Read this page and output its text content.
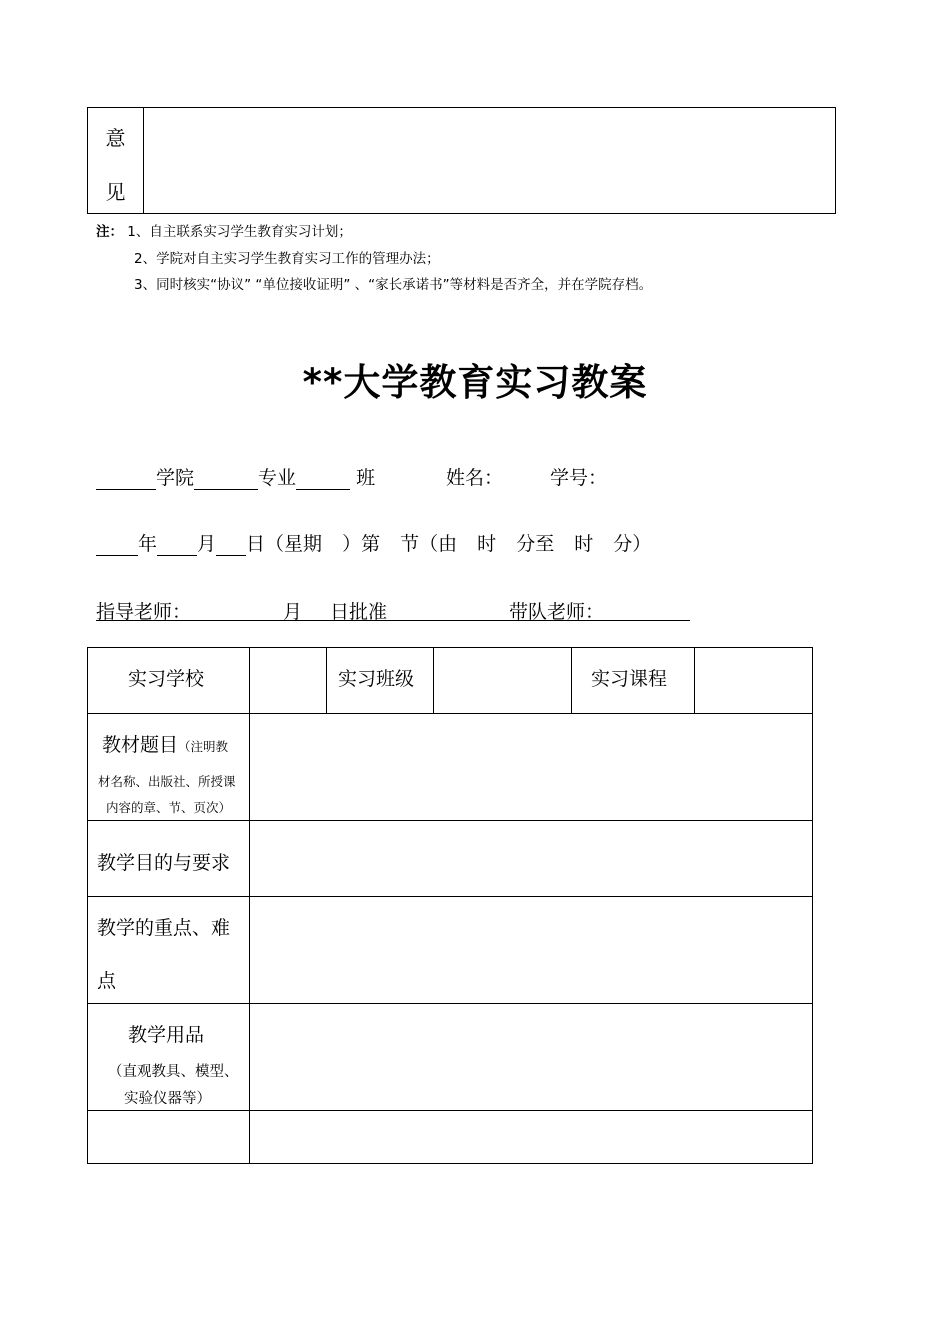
意
见
注： 1、自主联系实习学生教育实习计划；
2、学院对自主实习学生教育实习工作的管理办法；
3、同时核实“协议” “单位接收证明” 、“家长承诺书”等材料是否齐全，并在学院存档。
**大学教育实习教案
学院	专业	班	姓名： 学号：
年 月 日（星期 ）第 节（由 时 分至 时 分）
指导老师：	月 日批准	带队老师：
实习学校	实习班级	实习课程
教材题目（注明教
材名称、出版社、所授课
内容的章、节、页次）
教学目的与要求
教学的重点、难
点
教学用品
（直观教具、模型、
实验仪器等）
